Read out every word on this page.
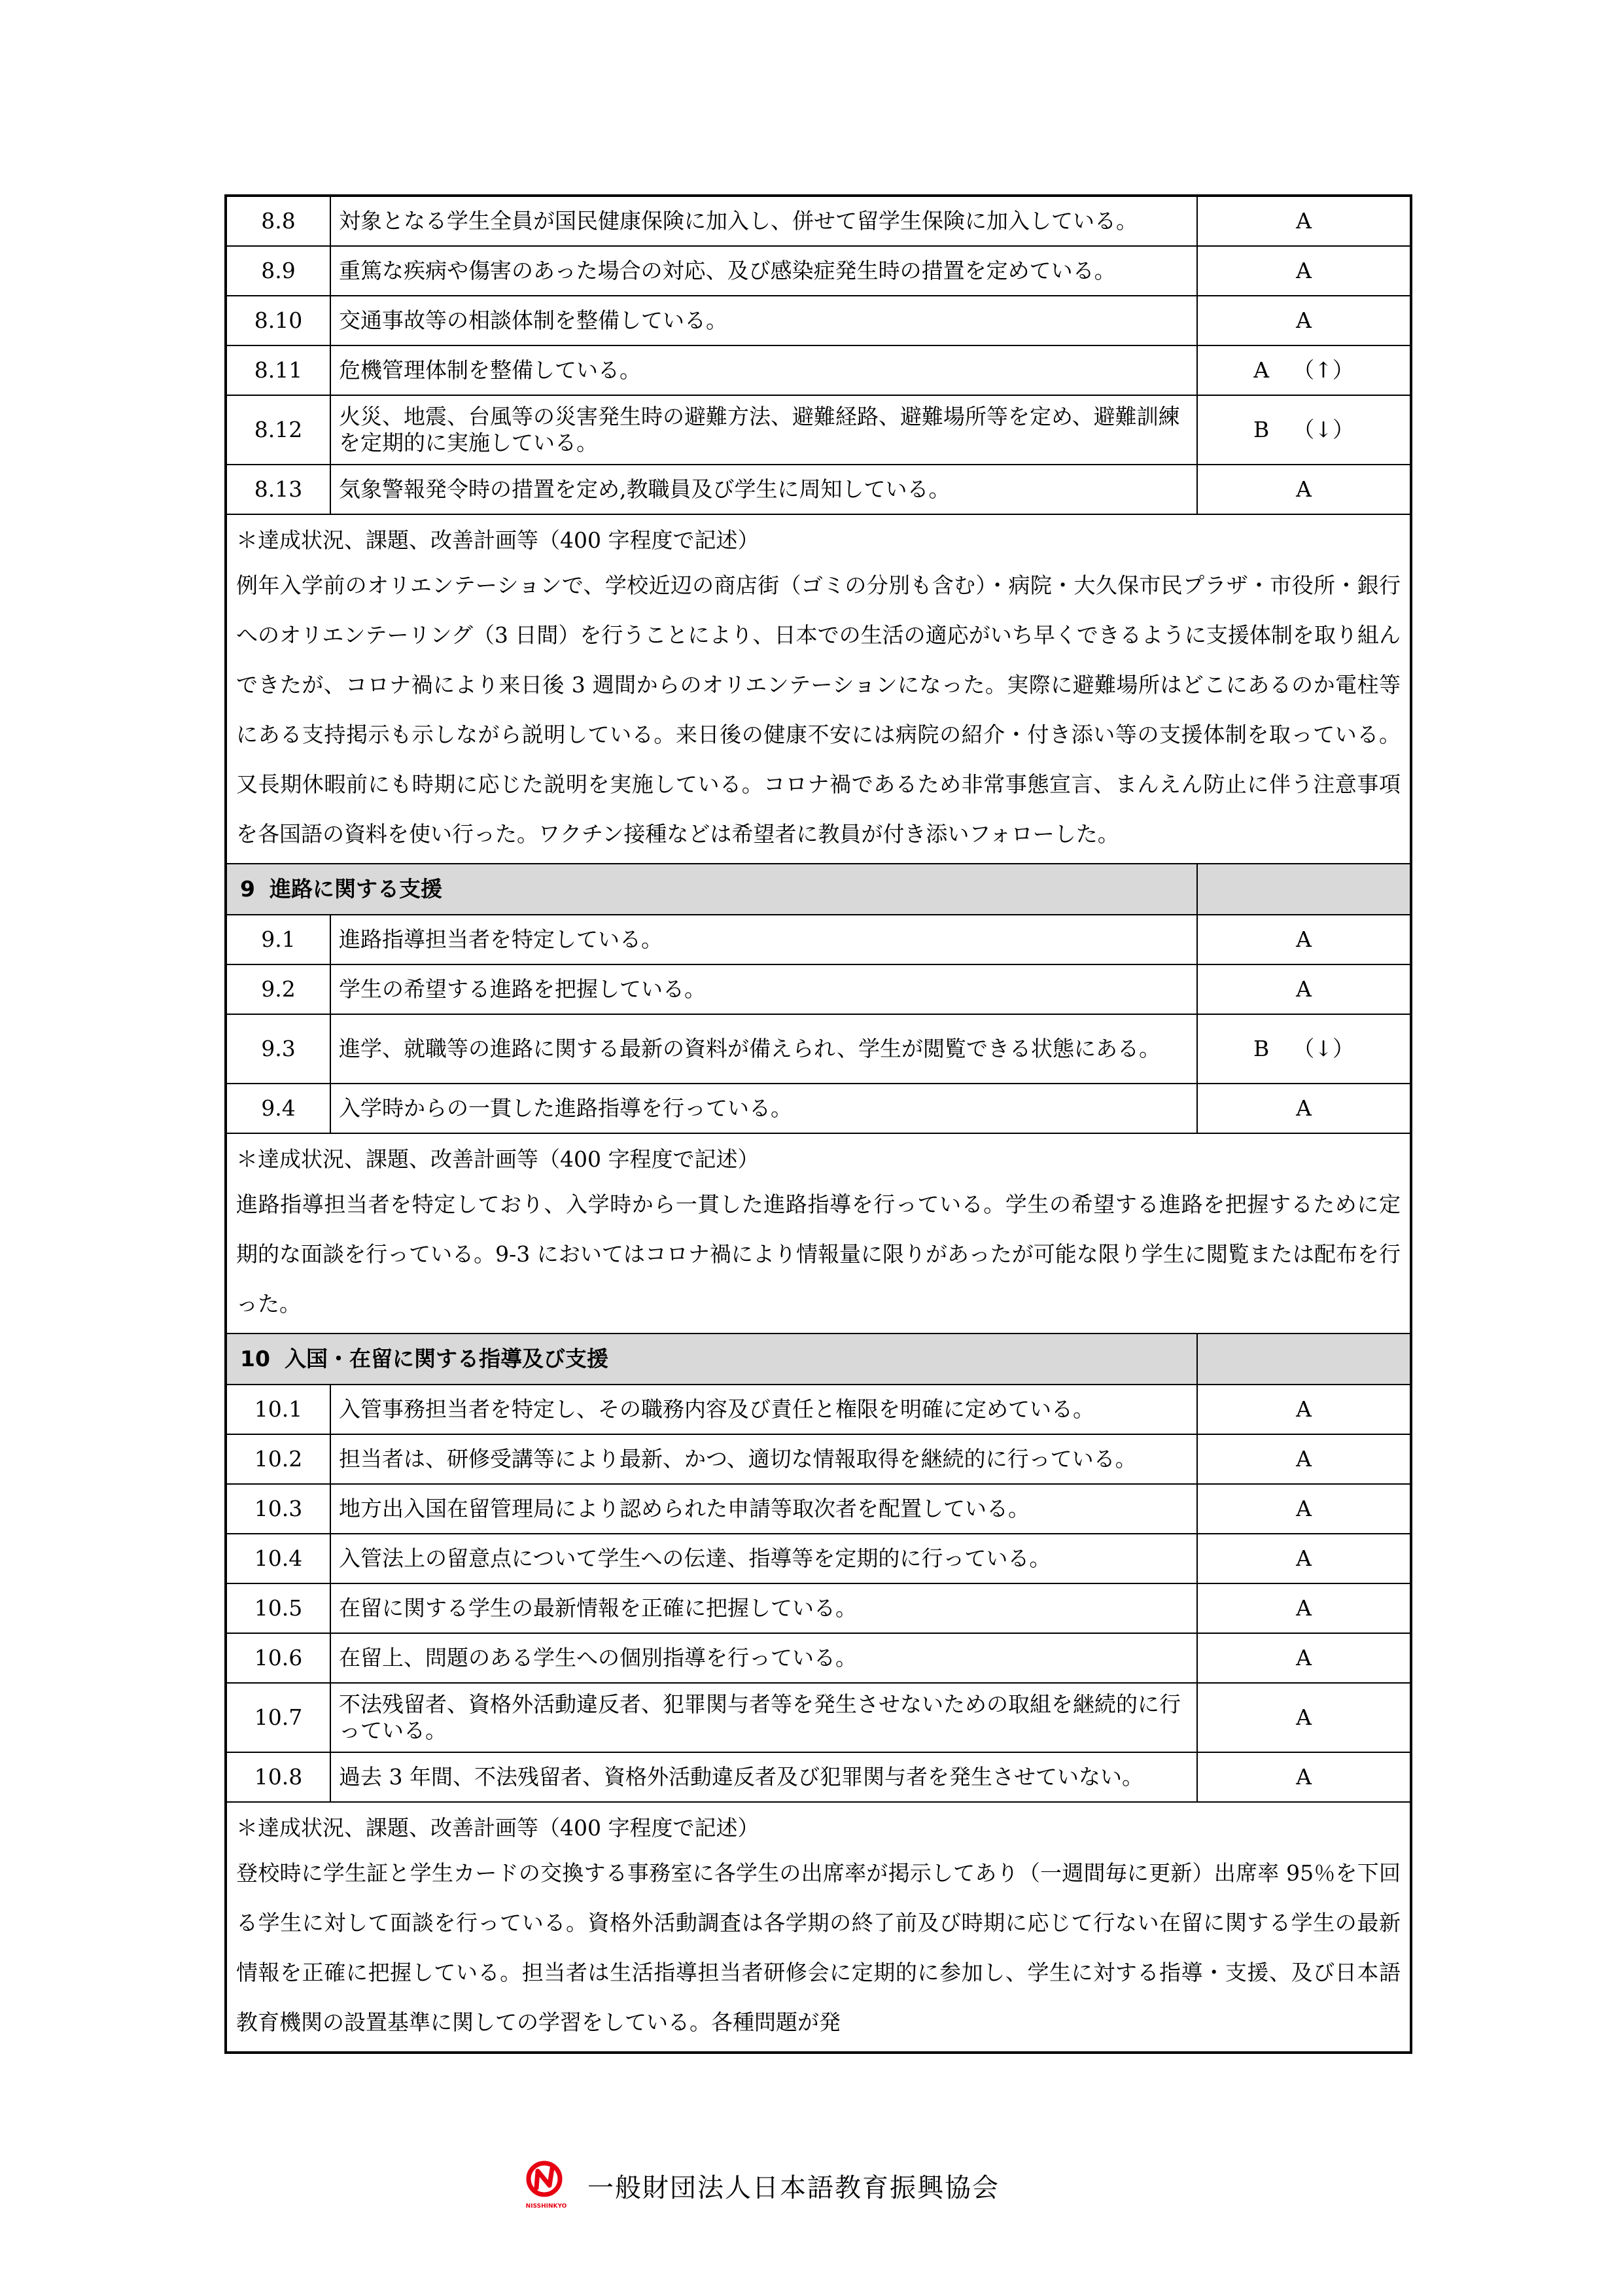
8.8	対象となる学生全員が国民健康保険に加入し、併せて留学生保険に加入している。	A
8.9	重篤な疾病や傷害のあった場合の対応、及び感染症発生時の措置を定めている。	A
8.10	交通事故等の相談体制を整備している。	A
8.11	危機管理体制を整備している。	A （↑）
8.12	火災、地震、台風等の災害発生時の避難方法、避難経路、避難場所等を定め、避難訓練を定期的に実施している。	B （↓）
8.13	気象警報発令時の措置を定め,教職員及び学生に周知している。	A

＊達成状況、課題、改善計画等（400 字程度で記述）
例年入学前のオリエンテーションで、学校近辺の商店街（ゴミの分別も含む）・病院・大久保市民プラザ・市役所・銀行へのオリエンテーリング（3 日間）を行うことにより、日本での生活の適応がいち早くできるように支援体制を取り組んできたが、コロナ禍により来日後 3 週間からのオリエンテーションになった。実際に避難場所はどこにあるのか電柱等にある支持掲示も示しながら説明している。来日後の健康不安には病院の紹介・付き添い等の支援体制を取っている。又長期休暇前にも時期に応じた説明を実施している。コロナ禍であるため非常事態宣言、まんえん防止に伴う注意事項を各国語の資料を使い行った。ワクチン接種などは希望者に教員が付き添いフォローした。		

9 進路に関する支援		
9.1	進路指導担当者を特定している。	A
9.2	学生の希望する進路を把握している。	A
9.3	進学、就職等の進路に関する最新の資料が備えられ、学生が閲覧できる状態にある。	B （↓）
9.4	入学時からの一貫した進路指導を行っている。	A

＊達成状況、課題、改善計画等（400 字程度で記述）
進路指導担当者を特定しており、入学時から一貫した進路指導を行っている。学生の希望する進路を把握するために定期的な面談を行っている。9-3 においてはコロナ禍により情報量に限りがあったが可能な限り学生に閲覧または配布を行った。		

10 入国・在留に関する指導及び支援		
10.1	入管事務担当者を特定し、その職務内容及び責任と権限を明確に定めている。	A
10.2	担当者は、研修受講等により最新、かつ、適切な情報取得を継続的に行っている。	A
10.3	地方出入国在留管理局により認められた申請等取次者を配置している。	A
10.4	入管法上の留意点について学生への伝達、指導等を定期的に行っている。	A
10.5	在留に関する学生の最新情報を正確に把握している。	A
10.6	在留上、問題のある学生への個別指導を行っている。	A
10.7	不法残留者、資格外活動違反者、犯罪関与者等を発生させないための取組を継続的に行っている。	A
10.8	過去 3 年間、不法残留者、資格外活動違反者及び犯罪関与者を発生させていない。	A

＊達成状況、課題、改善計画等（400 字程度で記述）
登校時に学生証と学生カードの交換する事務室に各学生の出席率が掲示してあり（一週間毎に更新）出席率 95％を下回る学生に対して面談を行っている。資格外活動調査は各学期の終了前及び時期に応じて行ない在留に関する学生の最新情報を正確に把握している。担当者は生活指導担当者研修会に定期的に参加し、学生に対する指導・支援、及び日本語教育機関の設置基準に関しての学習をしている。各種問題が発		
NISSHINKYO
一般財団法人日本語教育振興協会
